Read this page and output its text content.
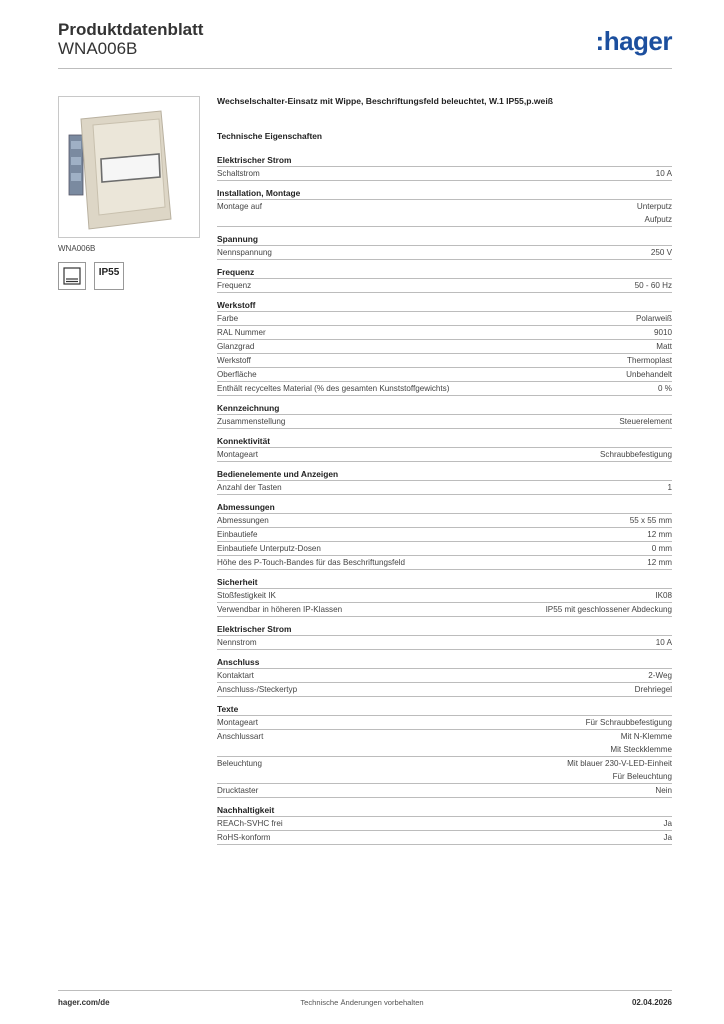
Produktdatenblatt
WNA006B	:hager
WNA006B
IP55
Wechselschalter-Einsatz mit Wippe, Beschriftungsfeld beleuchtet, W.1 IP55,p.weiß
Technische Eigenschaften
Elektrischer Strom
Schaltstrom	10 A
Installation, Montage
Montage auf	Unterputz
Aufputz
Spannung
Nennspannung	250 V
Frequenz
Frequenz	50 - 60 Hz
Werkstoff
Farbe	Polarweiß
RAL Nummer	9010
Glanzgrad	Matt
Werkstoff	Thermoplast
Oberfläche	Unbehandelt
Enthält recyceltes Material (% des gesamten Kunststoffgewichts)	0 %
Kennzeichnung
Zusammenstellung	Steuerelement
Konnektivität
Montageart	Schraubbefestigung
Bedienelemente und Anzeigen
Anzahl der Tasten	1
Abmessungen
Abmessungen	55 x 55 mm
Einbautiefe	12 mm
Einbautiefe Unterputz-Dosen	0 mm
Höhe des P-Touch-Bandes für das Beschriftungsfeld	12 mm
Sicherheit
Stoßfestigkeit IK	IK08
Verwendbar in höheren IP-Klassen	IP55 mit geschlossener Abdeckung
Elektrischer Strom
Nennstrom	10 A
Anschluss
Kontaktart	2-Weg
Anschluss-/Steckertyp	Drehriegel
Texte
Montageart	Für Schraubbefestigung
Anschlussart	Mit N-Klemme
Mit Steckklemme
Beleuchtung	Mit blauer 230-V-LED-Einheit
Für Beleuchtung
Drucktaster	Nein
Nachhaltigkeit
REACh-SVHC frei	Ja
RoHS-konform	Ja
hager.com/de	Technische Änderungen vorbehalten	02.04.2026
